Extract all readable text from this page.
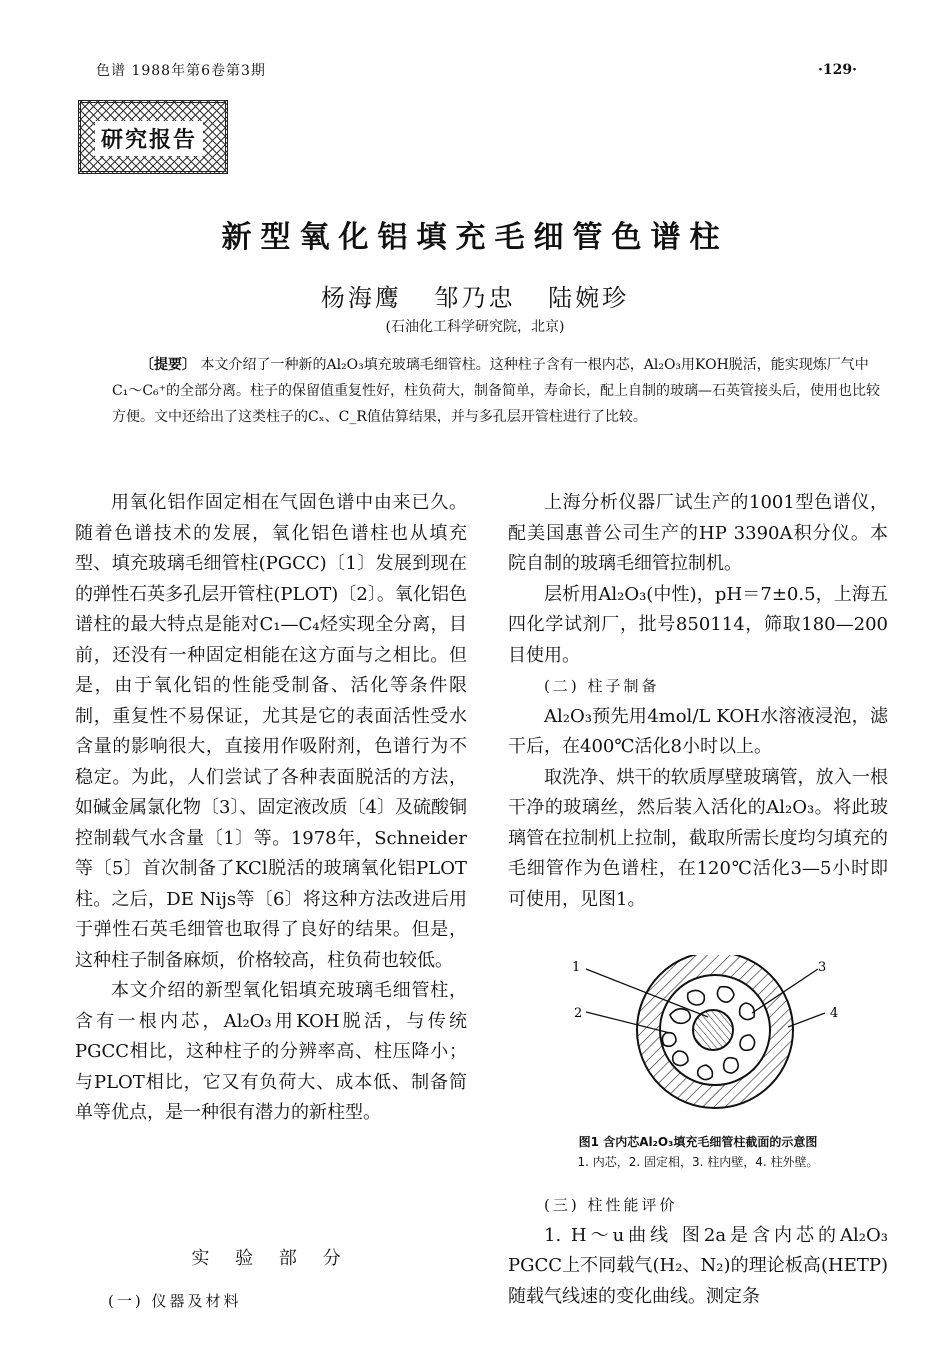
色谱 1988年第6卷第3期	·129·
研究报告
新型氧化铝填充毛细管色谱柱
杨海鹰 邹乃忠 陆婉珍
(石油化工科学研究院，北京)
〔提要〕 本文介绍了一种新的Al₂O₃填充玻璃毛细管柱。这种柱子含有一根内芯，Al₂O₃用KOH脱活，能实现炼厂气中C₁～C₆⁺的全部分离。柱子的保留值重复性好，柱负荷大，制备简单，寿命长，配上自制的玻璃—石英管接头后，使用也比较方便。文中还给出了这类柱子的Cₓ、C_R值估算结果，并与多孔层开管柱进行了比较。

用氧化铝作固定相在气固色谱中由来已久。随着色谱技术的发展，氧化铝色谱柱也从填充型、填充玻璃毛细管柱(PGCC)〔1〕发展到现在的弹性石英多孔层开管柱(PLOT)〔2〕。氧化铝色谱柱的最大特点是能对C₁—C₄烃实现全分离，目前，还没有一种固定相能在这方面与之相比。但是，由于氧化铝的性能受制备、活化等条件限制，重复性不易保证，尤其是它的表面活性受水含量的影响很大，直接用作吸附剂，色谱行为不稳定。为此，人们尝试了各种表面脱活的方法，如碱金属氯化物〔3〕、固定液改质〔4〕及硫酸铜控制载气水含量〔1〕等。1978年，Schneider等〔5〕首次制备了KCl脱活的玻璃氧化铝PLOT柱。之后，DE Nijs等〔6〕将这种方法改进后用于弹性石英毛细管也取得了良好的结果。但是，这种柱子制备麻烦，价格较高，柱负荷也较低。

本文介绍的新型氧化铝填充玻璃毛细管柱，含有一根内芯，Al₂O₃用KOH脱活，与传统PGCC相比，这种柱子的分辨率高、柱压降小；与PLOT相比，它又有负荷大、成本低、制备简单等优点，是一种很有潜力的新柱型。

实 验 部 分
(一) 仪器及材料

上海分析仪器厂试生产的1001型色谱仪，配美国惠普公司生产的HP 3390A积分仪。本院自制的玻璃毛细管拉制机。

层析用Al₂O₃(中性)，pH＝7±0.5，上海五四化学试剂厂，批号850114，筛取180—200目使用。

(二) 柱子制备

Al₂O₃预先用4mol/L KOH水溶液浸泡，滤干后，在400℃活化8小时以上。

取洗净、烘干的软质厚壁玻璃管，放入一根干净的玻璃丝，然后装入活化的Al₂O₃。将此玻璃管在拉制机上拉制，截取所需长度均匀填充的毛细管作为色谱柱，在120℃活化3—5小时即可使用，见图1。

1
2
3
4
图1 含内芯Al₂O₃填充毛细管柱截面的示意图
1. 内芯，2. 固定相，3. 柱内壁，4. 柱外壁。
(三) 柱性能评价

1. H～u曲线 图2a是含内芯的Al₂O₃ PGCC上不同载气(H₂、N₂)的理论板高(HETP)随载气线速的变化曲线。测定条
